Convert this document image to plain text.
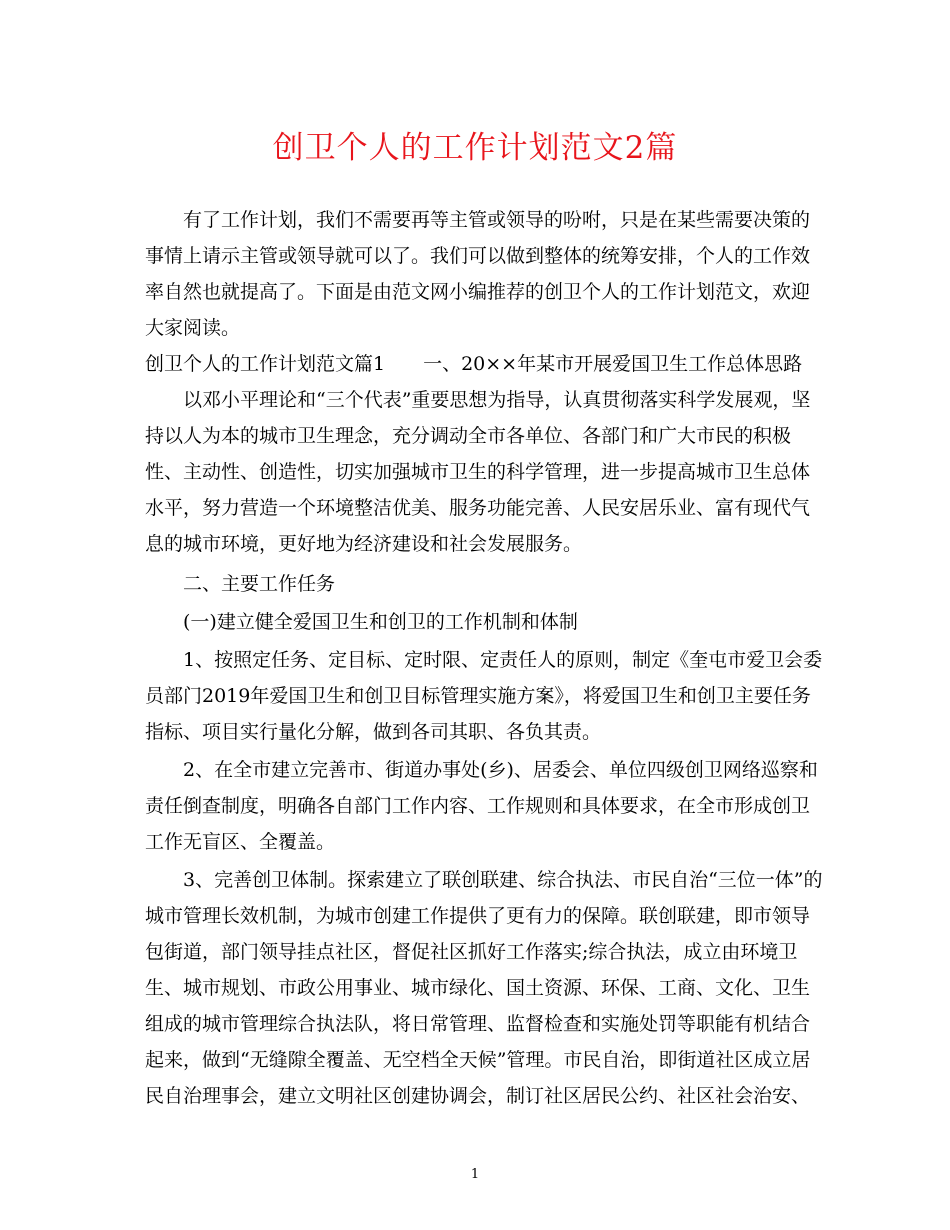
创卫个人的工作计划范文2篇
有了工作计划，我们不需要再等主管或领导的吩咐，只是在某些需要决策的
事情上请示主管或领导就可以了。我们可以做到整体的统筹安排，个人的工作效
率自然也就提高了。下面是由范文网小编推荐的创卫个人的工作计划范文，欢迎
大家阅读。
创卫个人的工作计划范文篇1　　一、20××年某市开展爱国卫生工作总体思路
以邓小平理论和“三个代表”重要思想为指导，认真贯彻落实科学发展观，坚
持以人为本的城市卫生理念，充分调动全市各单位、各部门和广大市民的积极
性、主动性、创造性，切实加强城市卫生的科学管理，进一步提高城市卫生总体
水平，努力营造一个环境整洁优美、服务功能完善、人民安居乐业、富有现代气
息的城市环境，更好地为经济建设和社会发展服务。
二、主要工作任务
(一)建立健全爱国卫生和创卫的工作机制和体制
1、按照定任务、定目标、定时限、定责任人的原则，制定《奎屯市爱卫会委
员部门2019年爱国卫生和创卫目标管理实施方案》，将爱国卫生和创卫主要任务
指标、项目实行量化分解，做到各司其职、各负其责。
2、在全市建立完善市、街道办事处(乡)、居委会、单位四级创卫网络巡察和
责任倒查制度，明确各自部门工作内容、工作规则和具体要求，在全市形成创卫
工作无盲区、全覆盖。
3、完善创卫体制。探索建立了联创联建、综合执法、市民自治“三位一体”的
城市管理长效机制，为城市创建工作提供了更有力的保障。联创联建，即市领导
包街道，部门领导挂点社区，督促社区抓好工作落实;综合执法，成立由环境卫
生、城市规划、市政公用事业、城市绿化、国土资源、环保、工商、文化、卫生
组成的城市管理综合执法队，将日常管理、监督检查和实施处罚等职能有机结合
起来，做到“无缝隙全覆盖、无空档全天候”管理。市民自治，即街道社区成立居
民自治理事会，建立文明社区创建协调会，制订社区居民公约、社区社会治安、
1
